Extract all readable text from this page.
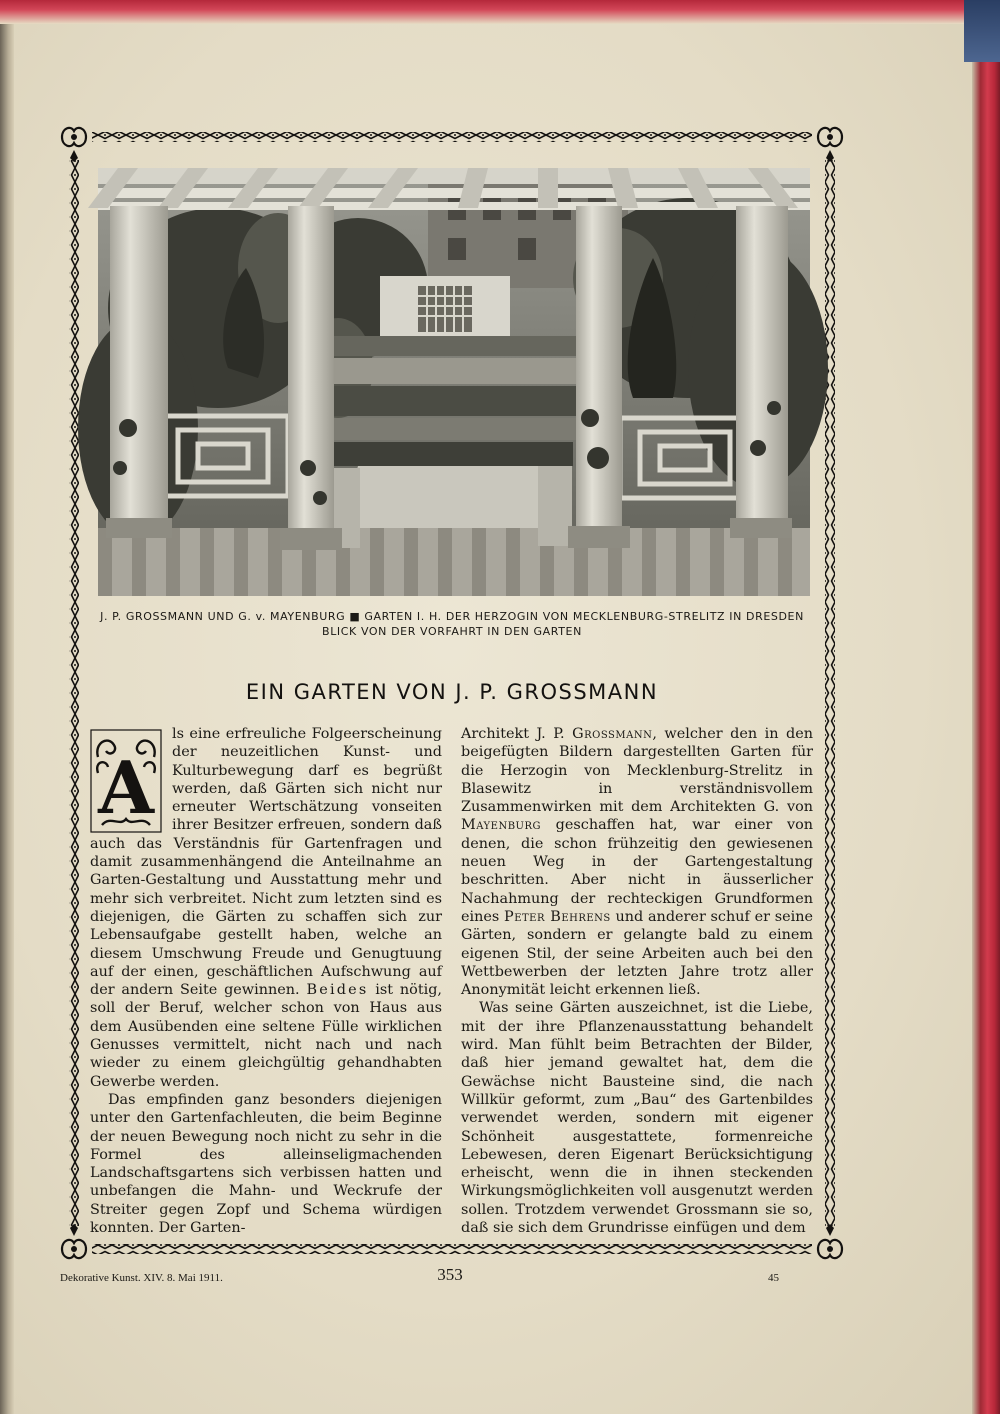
J. P. GROSSMANN UND G. v. MAYENBURG ■ GARTEN I. H. DER HERZOGIN VON MECKLENBURG-STRELITZ IN DRESDEN

BLICK VON DER VORFAHRT IN DEN GARTEN

EIN GARTEN VON J. P. GROSSMANN

A
ls eine erfreuliche Folgeerscheinung der neuzeitlichen Kunst- und Kulturbewegung darf es begrüßt werden, daß Gärten sich nicht nur erneuter Wertschätzung vonseiten ihrer Besitzer erfreuen, sondern daß auch das Verständnis für Gartenfragen und damit zusammenhängend die Anteilnahme an Garten-Gestaltung und Ausstattung mehr und mehr sich verbreitet. Nicht zum letzten sind es diejenigen, die Gärten zu schaffen sich zur Lebensaufgabe gestellt haben, welche an diesem Umschwung Freude und Genugtuung auf der einen, geschäftlichen Aufschwung auf der andern Seite gewinnen. Beides ist nötig, soll der Beruf, welcher schon von Haus aus dem Ausübenden eine seltene Fülle wirklichen Genusses vermittelt, nicht nach und nach wieder zu einem gleichgültig gehandhabten Gewerbe werden.

Das empfinden ganz besonders diejenigen unter den Gartenfachleuten, die beim Beginne der neuen Bewegung noch nicht zu sehr in die Formel des alleinseligmachenden Landschaftsgartens sich verbissen hatten und unbefangen die Mahn- und Weckrufe der Streiter gegen Zopf und Schema würdigen konnten. Der Garten-

Architekt J. P. Grossmann, welcher den in den beigefügten Bildern dargestellten Garten für die Herzogin von Mecklenburg-Strelitz in Blasewitz in verständnisvollem Zusammenwirken mit dem Architekten G. von Mayenburg geschaffen hat, war einer von denen, die schon frühzeitig den gewiesenen neuen Weg in der Gartengestaltung beschritten. Aber nicht in äusserlicher Nachahmung der rechteckigen Grundformen eines Peter Behrens und anderer schuf er seine Gärten, sondern er gelangte bald zu einem eigenen Stil, der seine Arbeiten auch bei den Wettbewerben der letzten Jahre trotz aller Anonymität leicht erkennen ließ.

Was seine Gärten auszeichnet, ist die Liebe, mit der ihre Pflanzenausstattung behandelt wird. Man fühlt beim Betrachten der Bilder, daß hier jemand gewaltet hat, dem die Gewächse nicht Bausteine sind, die nach Willkür geformt, zum „Bau“ des Gartenbildes verwendet werden, sondern mit eigener Schönheit ausgestattete, formenreiche Lebewesen, deren Eigenart Berücksichtigung erheischt, wenn die in ihnen steckenden Wirkungsmöglichkeiten voll ausgenutzt werden sollen. Trotzdem verwendet Grossmann sie so, daß sie sich dem Grundrisse einfügen und dem

Dekorative Kunst. XIV. 8. Mai 1911.	353	45
